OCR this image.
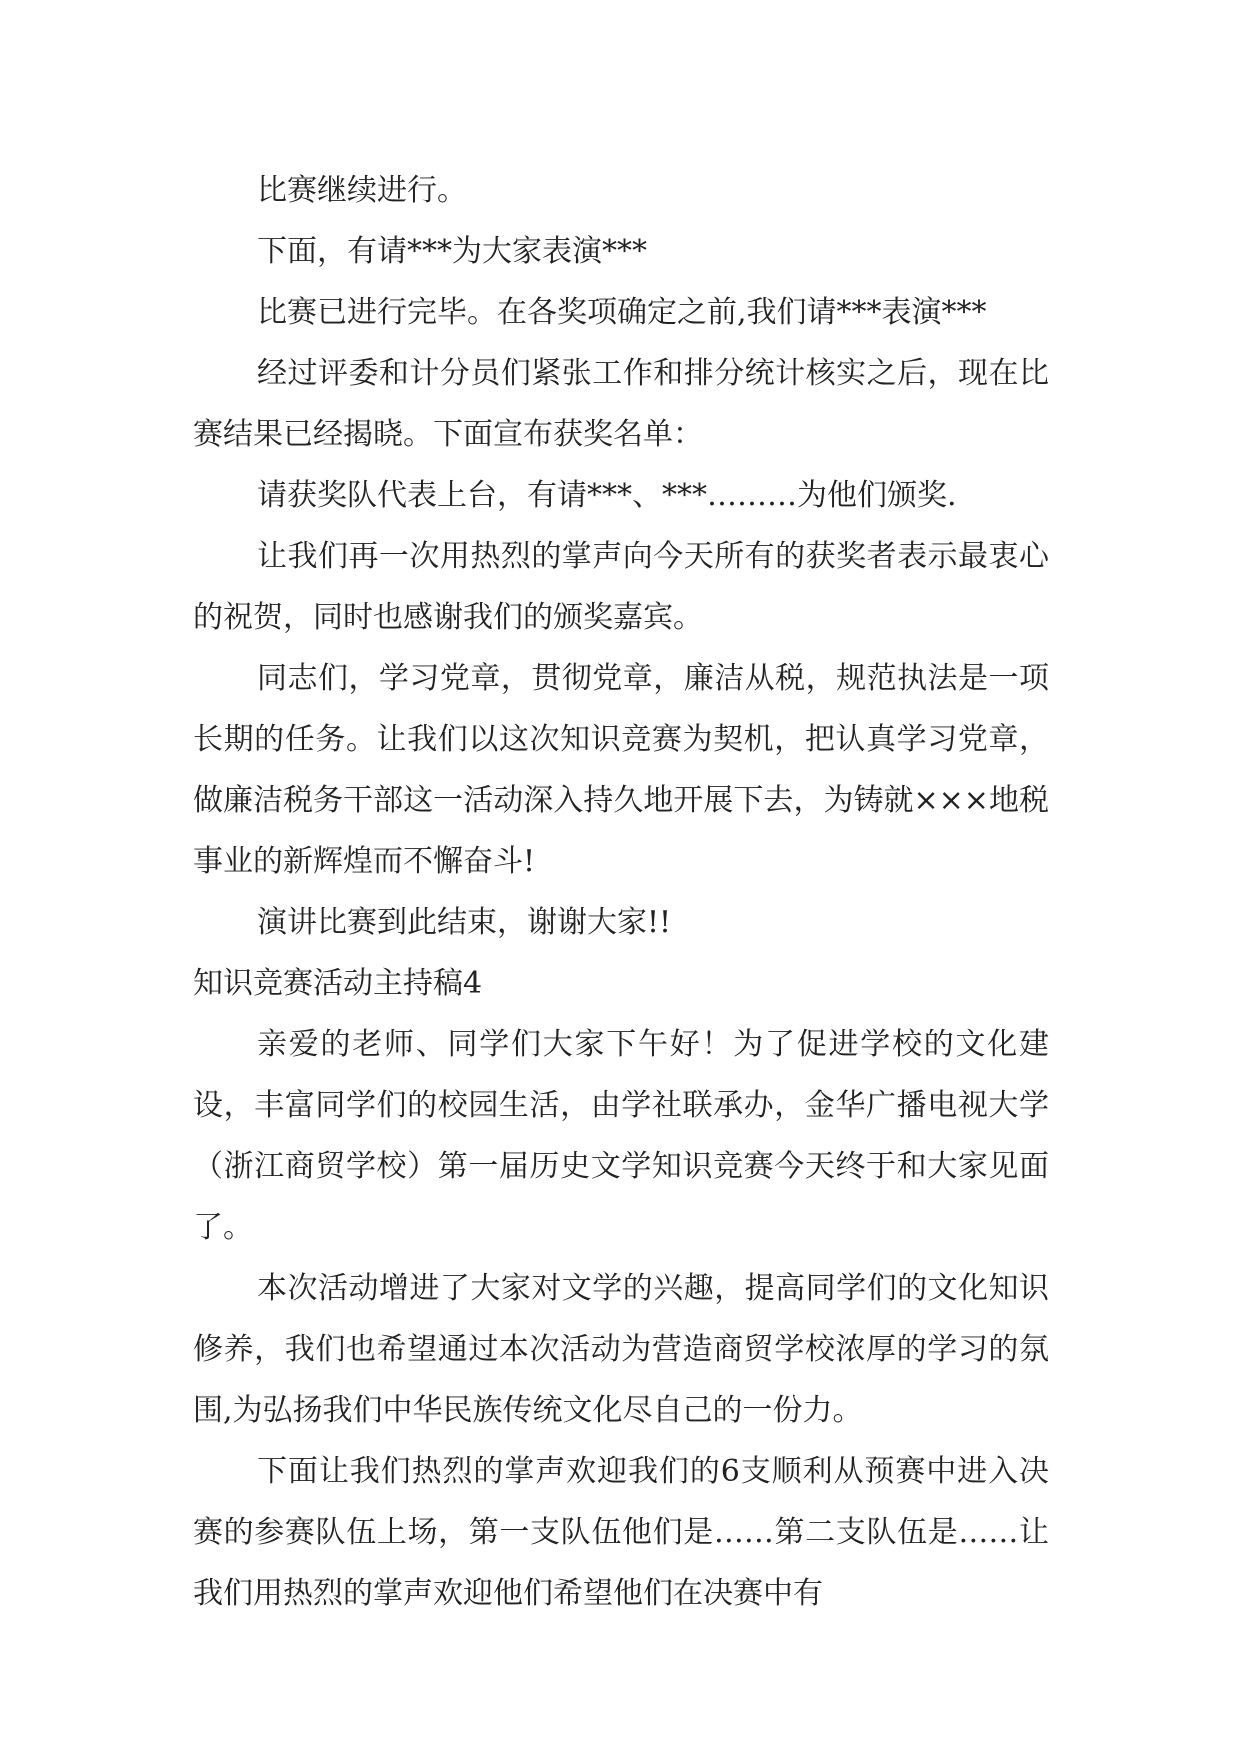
比赛继续进行。

下面，有请***为大家表演***

比赛已进行完毕。在各奖项确定之前,我们请***表演***

经过评委和计分员们紧张工作和排分统计核实之后，现在比赛结果已经揭晓。下面宣布获奖名单：

请获奖队代表上台，有请***、***………为他们颁奖.

让我们再一次用热烈的掌声向今天所有的获奖者表示最衷心的祝贺，同时也感谢我们的颁奖嘉宾。

同志们，学习党章，贯彻党章，廉洁从税，规范执法是一项长期的任务。让我们以这次知识竞赛为契机，把认真学习党章，做廉洁税务干部这一活动深入持久地开展下去，为铸就×××地税事业的新辉煌而不懈奋斗!

演讲比赛到此结束，谢谢大家!!

知识竞赛活动主持稿4

亲爱的老师、同学们大家下午好！为了促进学校的文化建设，丰富同学们的校园生活，由学社联承办，金华广播电视大学（浙江商贸学校）第一届历史文学知识竞赛今天终于和大家见面了。

本次活动增进了大家对文学的兴趣，提高同学们的文化知识修养，我们也希望通过本次活动为营造商贸学校浓厚的学习的氛围,为弘扬我们中华民族传统文化尽自己的一份力。

下面让我们热烈的掌声欢迎我们的6支顺利从预赛中进入决赛的参赛队伍上场，第一支队伍他们是……第二支队伍是……让我们用热烈的掌声欢迎他们希望他们在决赛中有
